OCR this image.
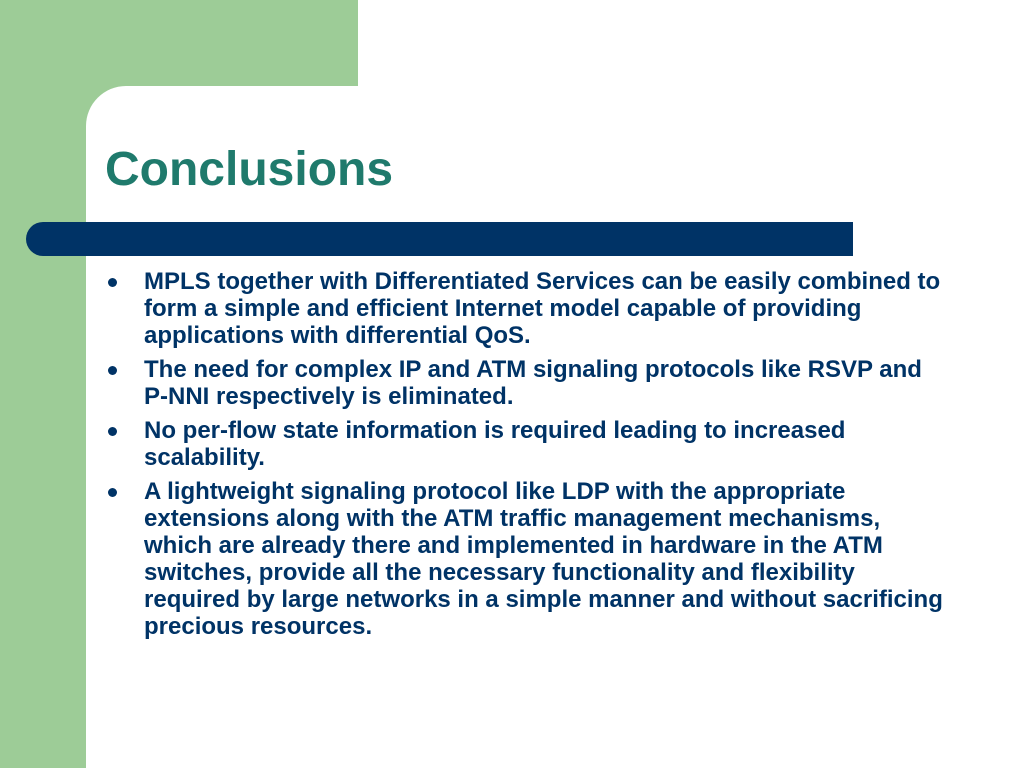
Conclusions
MPLS together with Differentiated Services can be easily combined to form a simple and efficient Internet model capable of providing applications with differential QoS.
The need for complex IP and ATM signaling protocols like RSVP and P-NNI respectively is eliminated.
No per-flow state information is required leading to increased scalability.
A lightweight signaling protocol like LDP with the appropriate extensions along with the ATM traffic management mechanisms, which are already there and implemented in hardware in the ATM switches, provide all the necessary functionality and flexibility required by large networks in a simple manner and without sacrificing precious resources.
